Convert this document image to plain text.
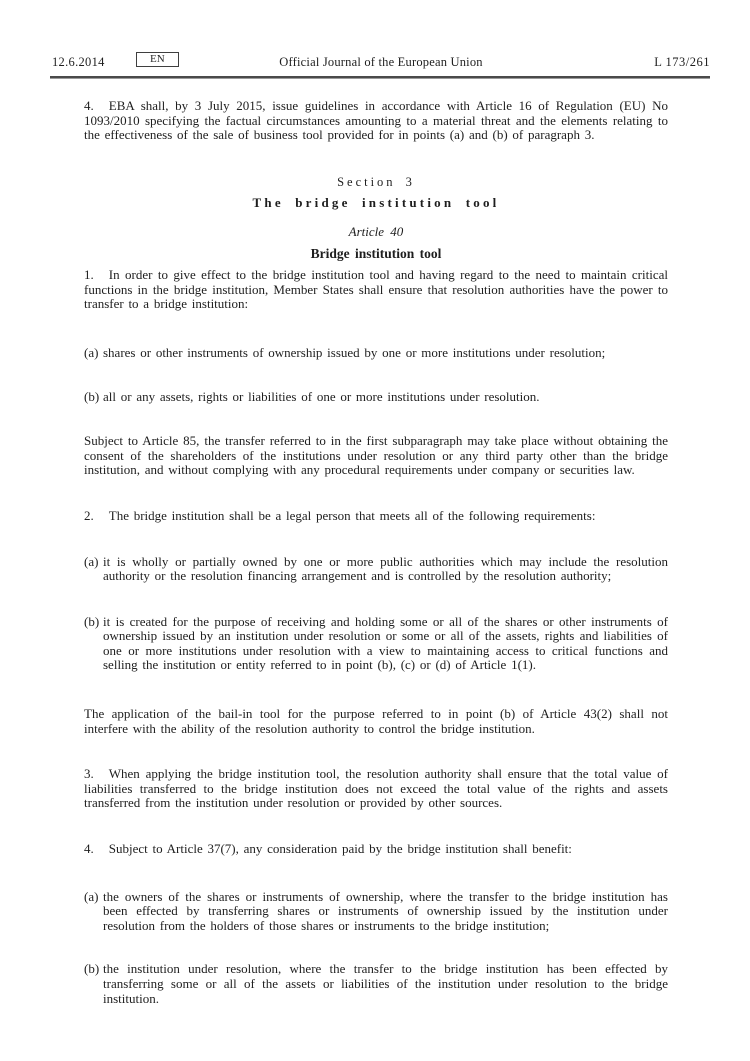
12.6.2014	EN	Official Journal of the European Union	L 173/261

4. EBA shall, by 3 July 2015, issue guidelines in accordance with Article 16 of Regulation (EU) No 1093/2010 specifying the factual circumstances amounting to a material threat and the elements relating to the effectiveness of the sale of business tool provided for in points (a) and (b) of paragraph 3.

Section 3
The bridge institution tool
Article 40
Bridge institution tool

1. In order to give effect to the bridge institution tool and having regard to the need to maintain critical functions in the bridge institution, Member States shall ensure that resolution authorities have the power to transfer to a bridge institution:

(a) shares or other instruments of ownership issued by one or more institutions under resolution;
(b) all or any assets, rights or liabilities of one or more institutions under resolution.

Subject to Article 85, the transfer referred to in the first subparagraph may take place without obtaining the consent of the shareholders of the institutions under resolution or any third party other than the bridge institution, and without complying with any procedural requirements under company or securities law.

2. The bridge institution shall be a legal person that meets all of the following requirements:

(a) it is wholly or partially owned by one or more public authorities which may include the resolution authority or the resolution financing arrangement and is controlled by the resolution authority;
(b) it is created for the purpose of receiving and holding some or all of the shares or other instruments of ownership issued by an institution under resolution or some or all of the assets, rights and liabilities of one or more institutions under resolution with a view to maintaining access to critical functions and selling the institution or entity referred to in point (b), (c) or (d) of Article 1(1).

The application of the bail-in tool for the purpose referred to in point (b) of Article 43(2) shall not interfere with the ability of the resolution authority to control the bridge institution.

3. When applying the bridge institution tool, the resolution authority shall ensure that the total value of liabilities transferred to the bridge institution does not exceed the total value of the rights and assets transferred from the institution under resolution or provided by other sources.

4. Subject to Article 37(7), any consideration paid by the bridge institution shall benefit:

(a) the owners of the shares or instruments of ownership, where the transfer to the bridge institution has been effected by transferring shares or instruments of ownership issued by the institution under resolution from the holders of those shares or instruments to the bridge institution;
(b) the institution under resolution, where the transfer to the bridge institution has been effected by transferring some or all of the assets or liabilities of the institution under resolution to the bridge institution.
